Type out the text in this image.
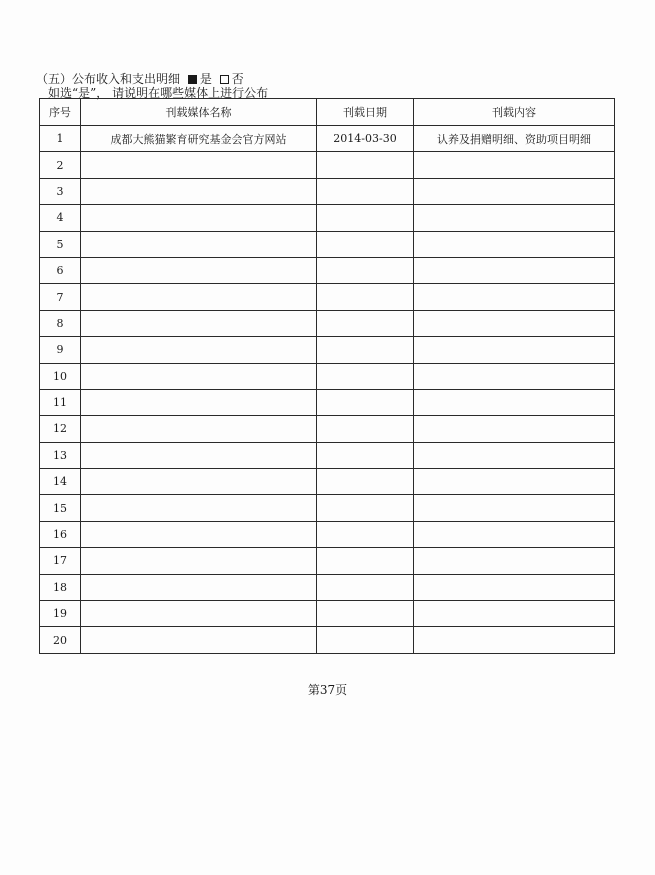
（五）公布收入和支出明细 是 否
如选“是”， 请说明在哪些媒体上进行公布
序号	刊载媒体名称	刊载日期	刊载内容
1	成都大熊猫繁育研究基金会官方网站	2014-03-30	认养及捐赠明细、资助项目明细
2			
3			
4			
5			
6			
7			
8			
9			
10			
11			
12			
13			
14			
15			
16			
17			
18			
19			
20			
第37页
